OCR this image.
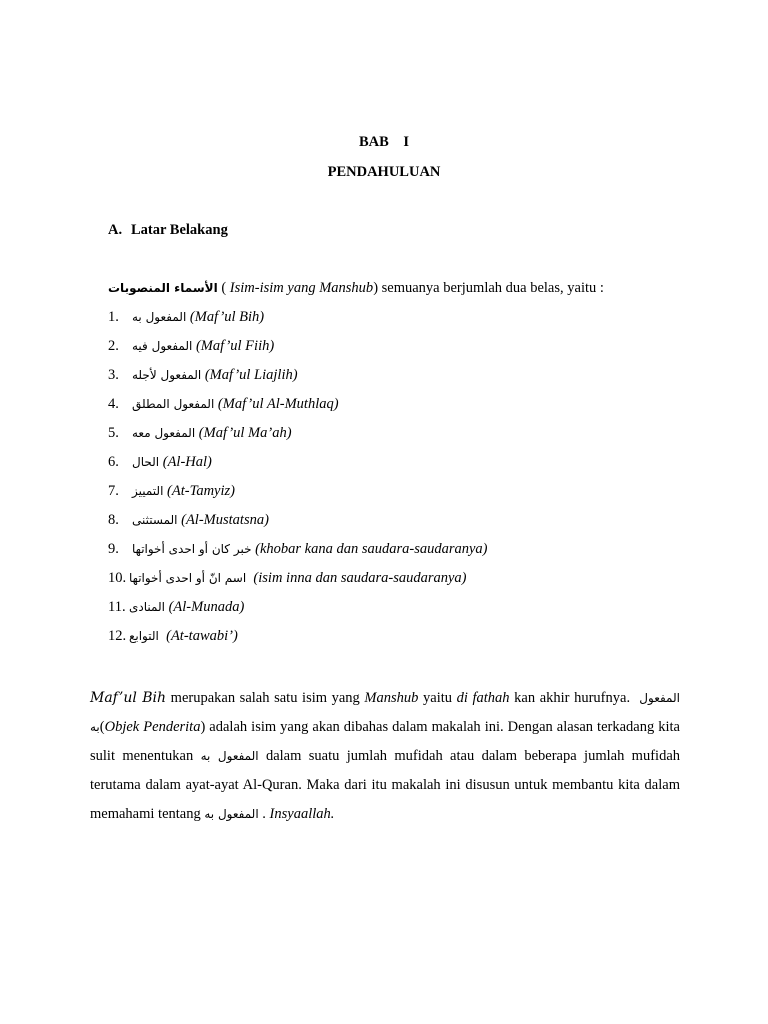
BAB    I
PENDAHULUAN
A. Latar Belakang
الأسماء المنصوبات ( Isim-isim yang Manshub) semuanya berjumlah dua belas, yaitu :
1. المفعول به (Maf’ul Bih)
2. المفعول فيه (Maf’ul Fiih)
3. المفعول لأجله (Maf’ul Liajlih)
4. المفعول المطلق (Maf’ul Al-Muthlaq)
5. المفعول معه (Maf’ul Ma’ah)
6. الحال (Al-Hal)
7. التمييز (At-Tamyiz)
8. المستثنى (Al-Mustatsna)
9. خبر كان أو احدى أخواتها (khobar kana dan saudara-saudaranya)
10. اسم انّ أو احدى أخواتها  (isim inna dan saudara-saudaranya)
11. المنادى (Al-Munada)
12. التوابع  (At-tawabi’)

Maf’ul Bih merupakan salah satu isim yang Manshub yaitu di fathah kan akhir hurufnya.  المفعول به(Objek Penderita) adalah isim yang akan dibahas dalam makalah ini. Dengan alasan terkadang kita sulit menentukan المفعول به dalam suatu jumlah mufidah atau dalam beberapa jumlah mufidah terutama dalam ayat-ayat Al-Quran. Maka dari itu makalah ini disusun untuk membantu kita dalam memahami tentang المفعول به . Insyaallah.
